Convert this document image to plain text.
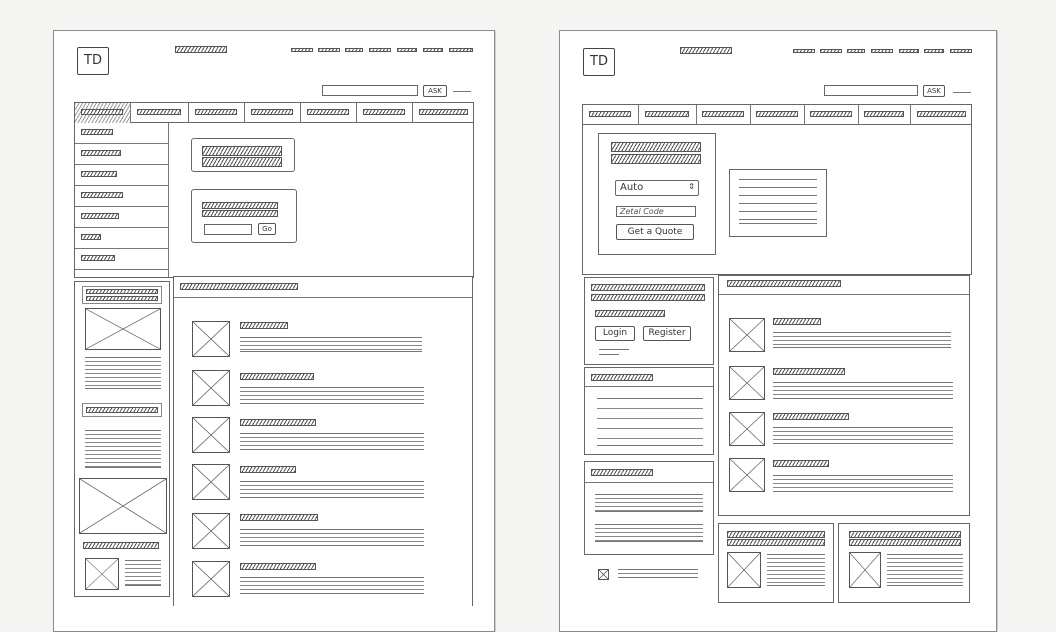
TD
ASK
Go
TD
ASK
Auto	⇕
Zetal Code
Get a Quote
Login	Register
